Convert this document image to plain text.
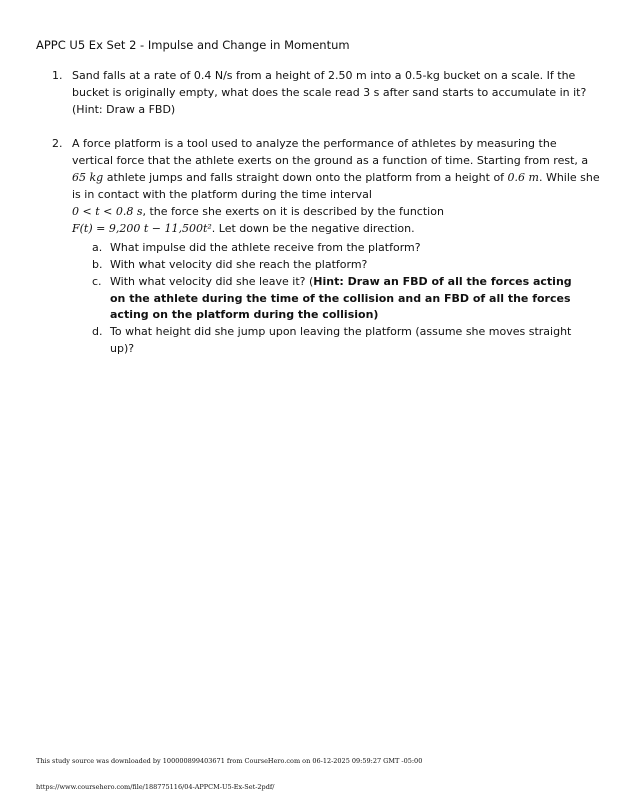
APPC U5 Ex Set 2 - Impulse and Change in Momentum
1. Sand falls at a rate of 0.4 N/s from a height of 2.50 m into a 0.5-kg bucket on a scale. If the bucket is originally empty, what does the scale read 3 s after sand starts to accumulate in it? (Hint: Draw a FBD)
2. A force platform is a tool used to analyze the performance of athletes by measuring the vertical force that the athlete exerts on the ground as a function of time. Starting from rest, a 65 kg athlete jumps and falls straight down onto the platform from a height of 0.6 m. While she is in contact with the platform during the time interval
0 < t < 0.8 s, the force she exerts on it is described by the function
F(t) = 9,200 t − 11,500t². Let down be the negative direction.
a. What impulse did the athlete receive from the platform?
b. With what velocity did she reach the platform?
c. With what velocity did she leave it? (Hint: Draw an FBD of all the forces acting on the athlete during the time of the collision and an FBD of all the forces acting on the platform during the collision)
d. To what height did she jump upon leaving the platform (assume she moves straight up)?
This study source was downloaded by 100000899403671 from CourseHero.com on 06-12-2025 09:59:27 GMT -05:00
https://www.coursehero.com/file/188775116/04-APPCM-U5-Ex-Set-2pdf/
